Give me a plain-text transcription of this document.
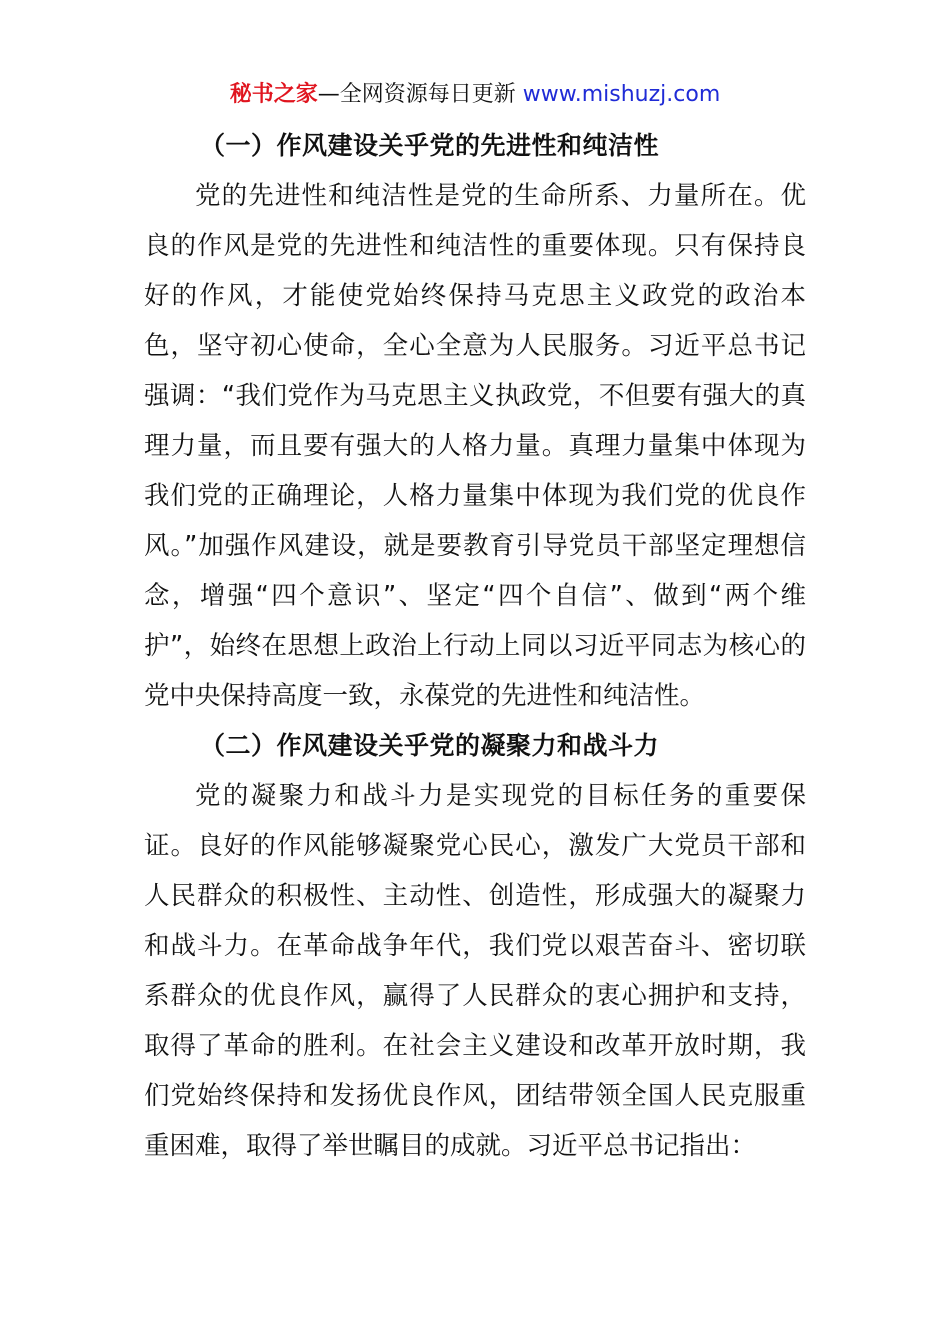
秘书之家—全网资源每日更新 www.mishuzj.com
（一）作风建设关乎党的先进性和纯洁性

党的先进性和纯洁性是党的生命所系、力量所在。优良的作风是党的先进性和纯洁性的重要体现。只有保持良好的作风，才能使党始终保持马克思主义政党的政治本色，坚守初心使命，全心全意为人民服务。习近平总书记强调：“我们党作为马克思主义执政党，不但要有强大的真理力量，而且要有强大的人格力量。真理力量集中体现为我们党的正确理论，人格力量集中体现为我们党的优良作风。”加强作风建设，就是要教育引导党员干部坚定理想信念，增强“四个意识”、坚定“四个自信”、做到“两个维护”，始终在思想上政治上行动上同以习近平同志为核心的党中央保持高度一致，永葆党的先进性和纯洁性。

（二）作风建设关乎党的凝聚力和战斗力

党的凝聚力和战斗力是实现党的目标任务的重要保证。良好的作风能够凝聚党心民心，激发广大党员干部和人民群众的积极性、主动性、创造性，形成强大的凝聚力和战斗力。在革命战争年代，我们党以艰苦奋斗、密切联系群众的优良作风，赢得了人民群众的衷心拥护和支持，取得了革命的胜利。在社会主义建设和改革开放时期，我们党始终保持和发扬优良作风，团结带领全国人民克服重重困难，取得了举世瞩目的成就。习近平总书记指出：
